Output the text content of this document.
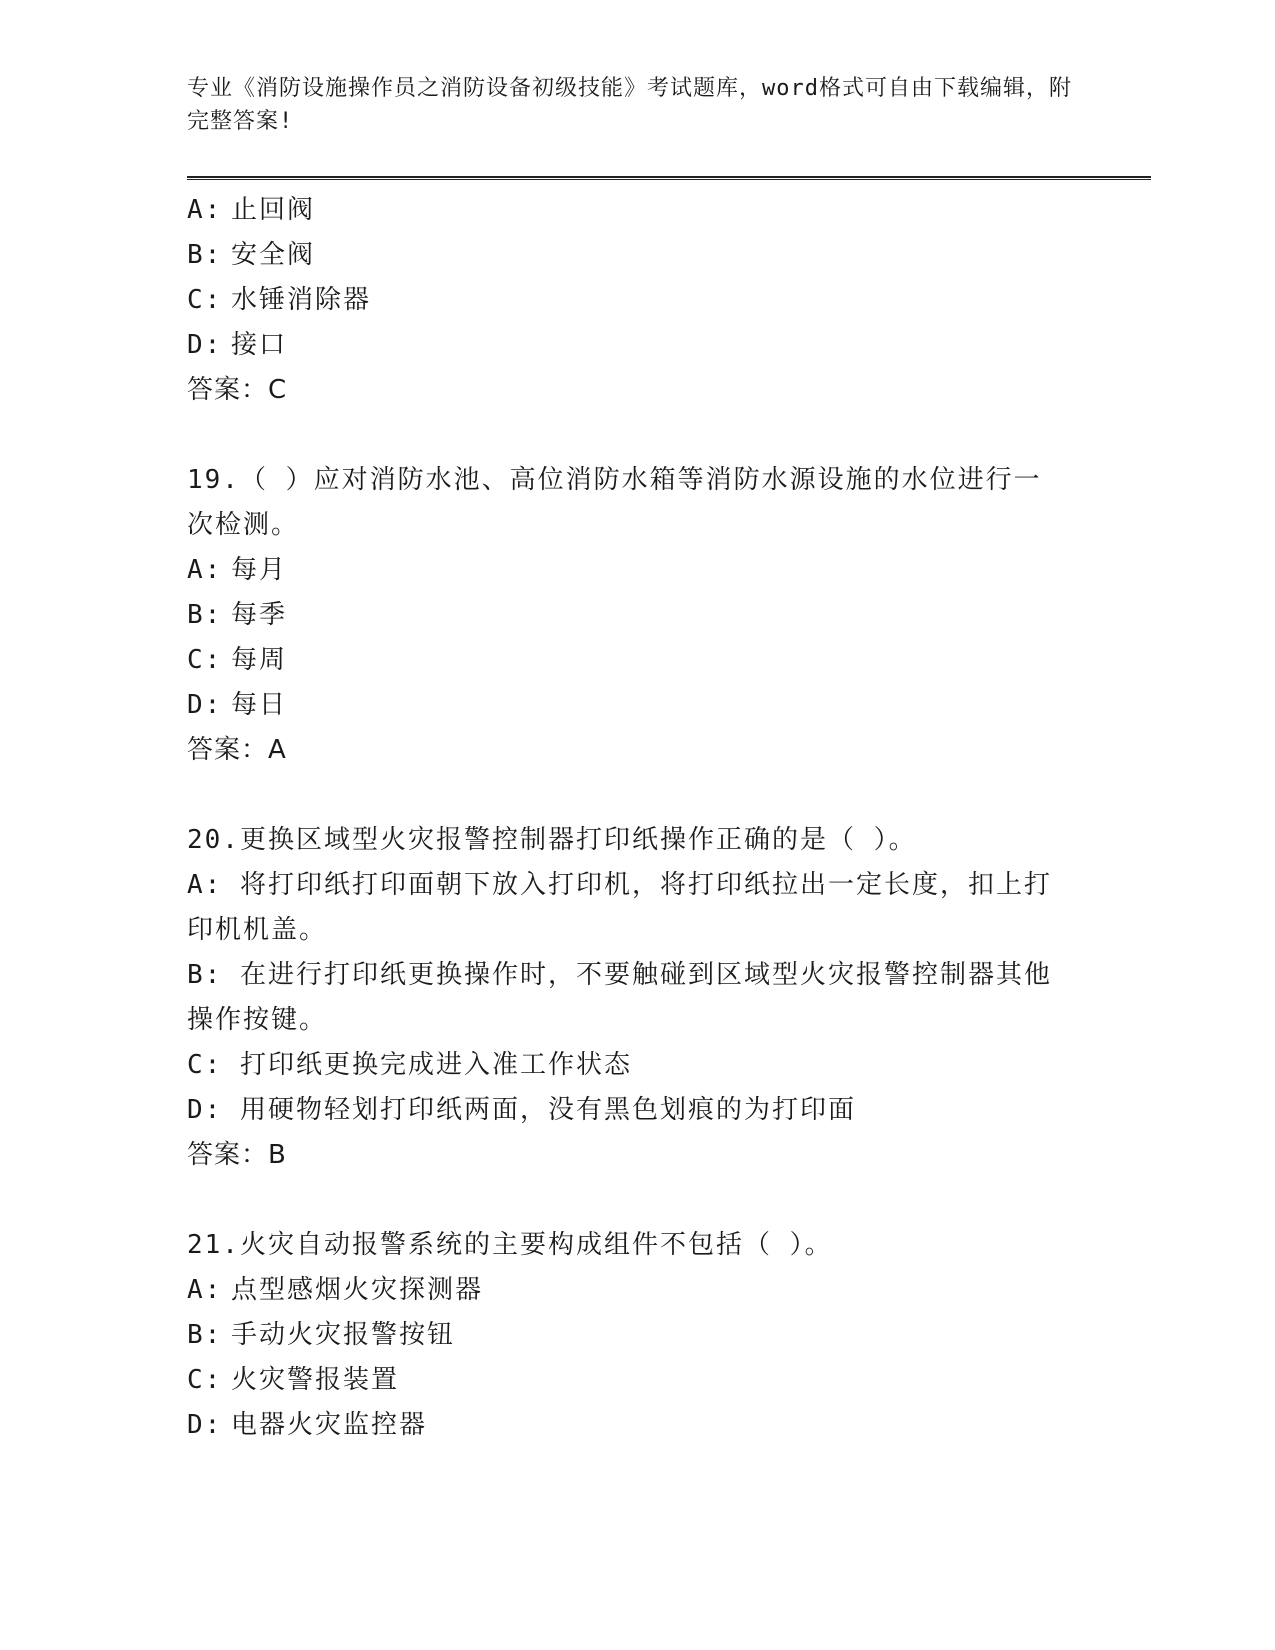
专业《消防设施操作员之消防设备初级技能》考试题库，word格式可自由下载编辑，附完整答案!
A: 止回阀
B: 安全阀
C: 水锤消除器
D: 接口
答案：C
19.（ ）应对消防水池、高位消防水箱等消防水源设施的水位进行一
次检测。
A: 每月
B: 每季
C: 每周
D: 每日
答案：A
20.更换区域型火灾报警控制器打印纸操作正确的是（ ）。
A: 将打印纸打印面朝下放入打印机，将打印纸拉出一定长度，扣上打
印机机盖。
B: 在进行打印纸更换操作时，不要触碰到区域型火灾报警控制器其他
操作按键。
C: 打印纸更换完成进入准工作状态
D: 用硬物轻划打印纸两面，没有黑色划痕的为打印面
答案：B
21.火灾自动报警系统的主要构成组件不包括（ ）。
A: 点型感烟火灾探测器
B: 手动火灾报警按钮
C: 火灾警报装置
D: 电器火灾监控器
